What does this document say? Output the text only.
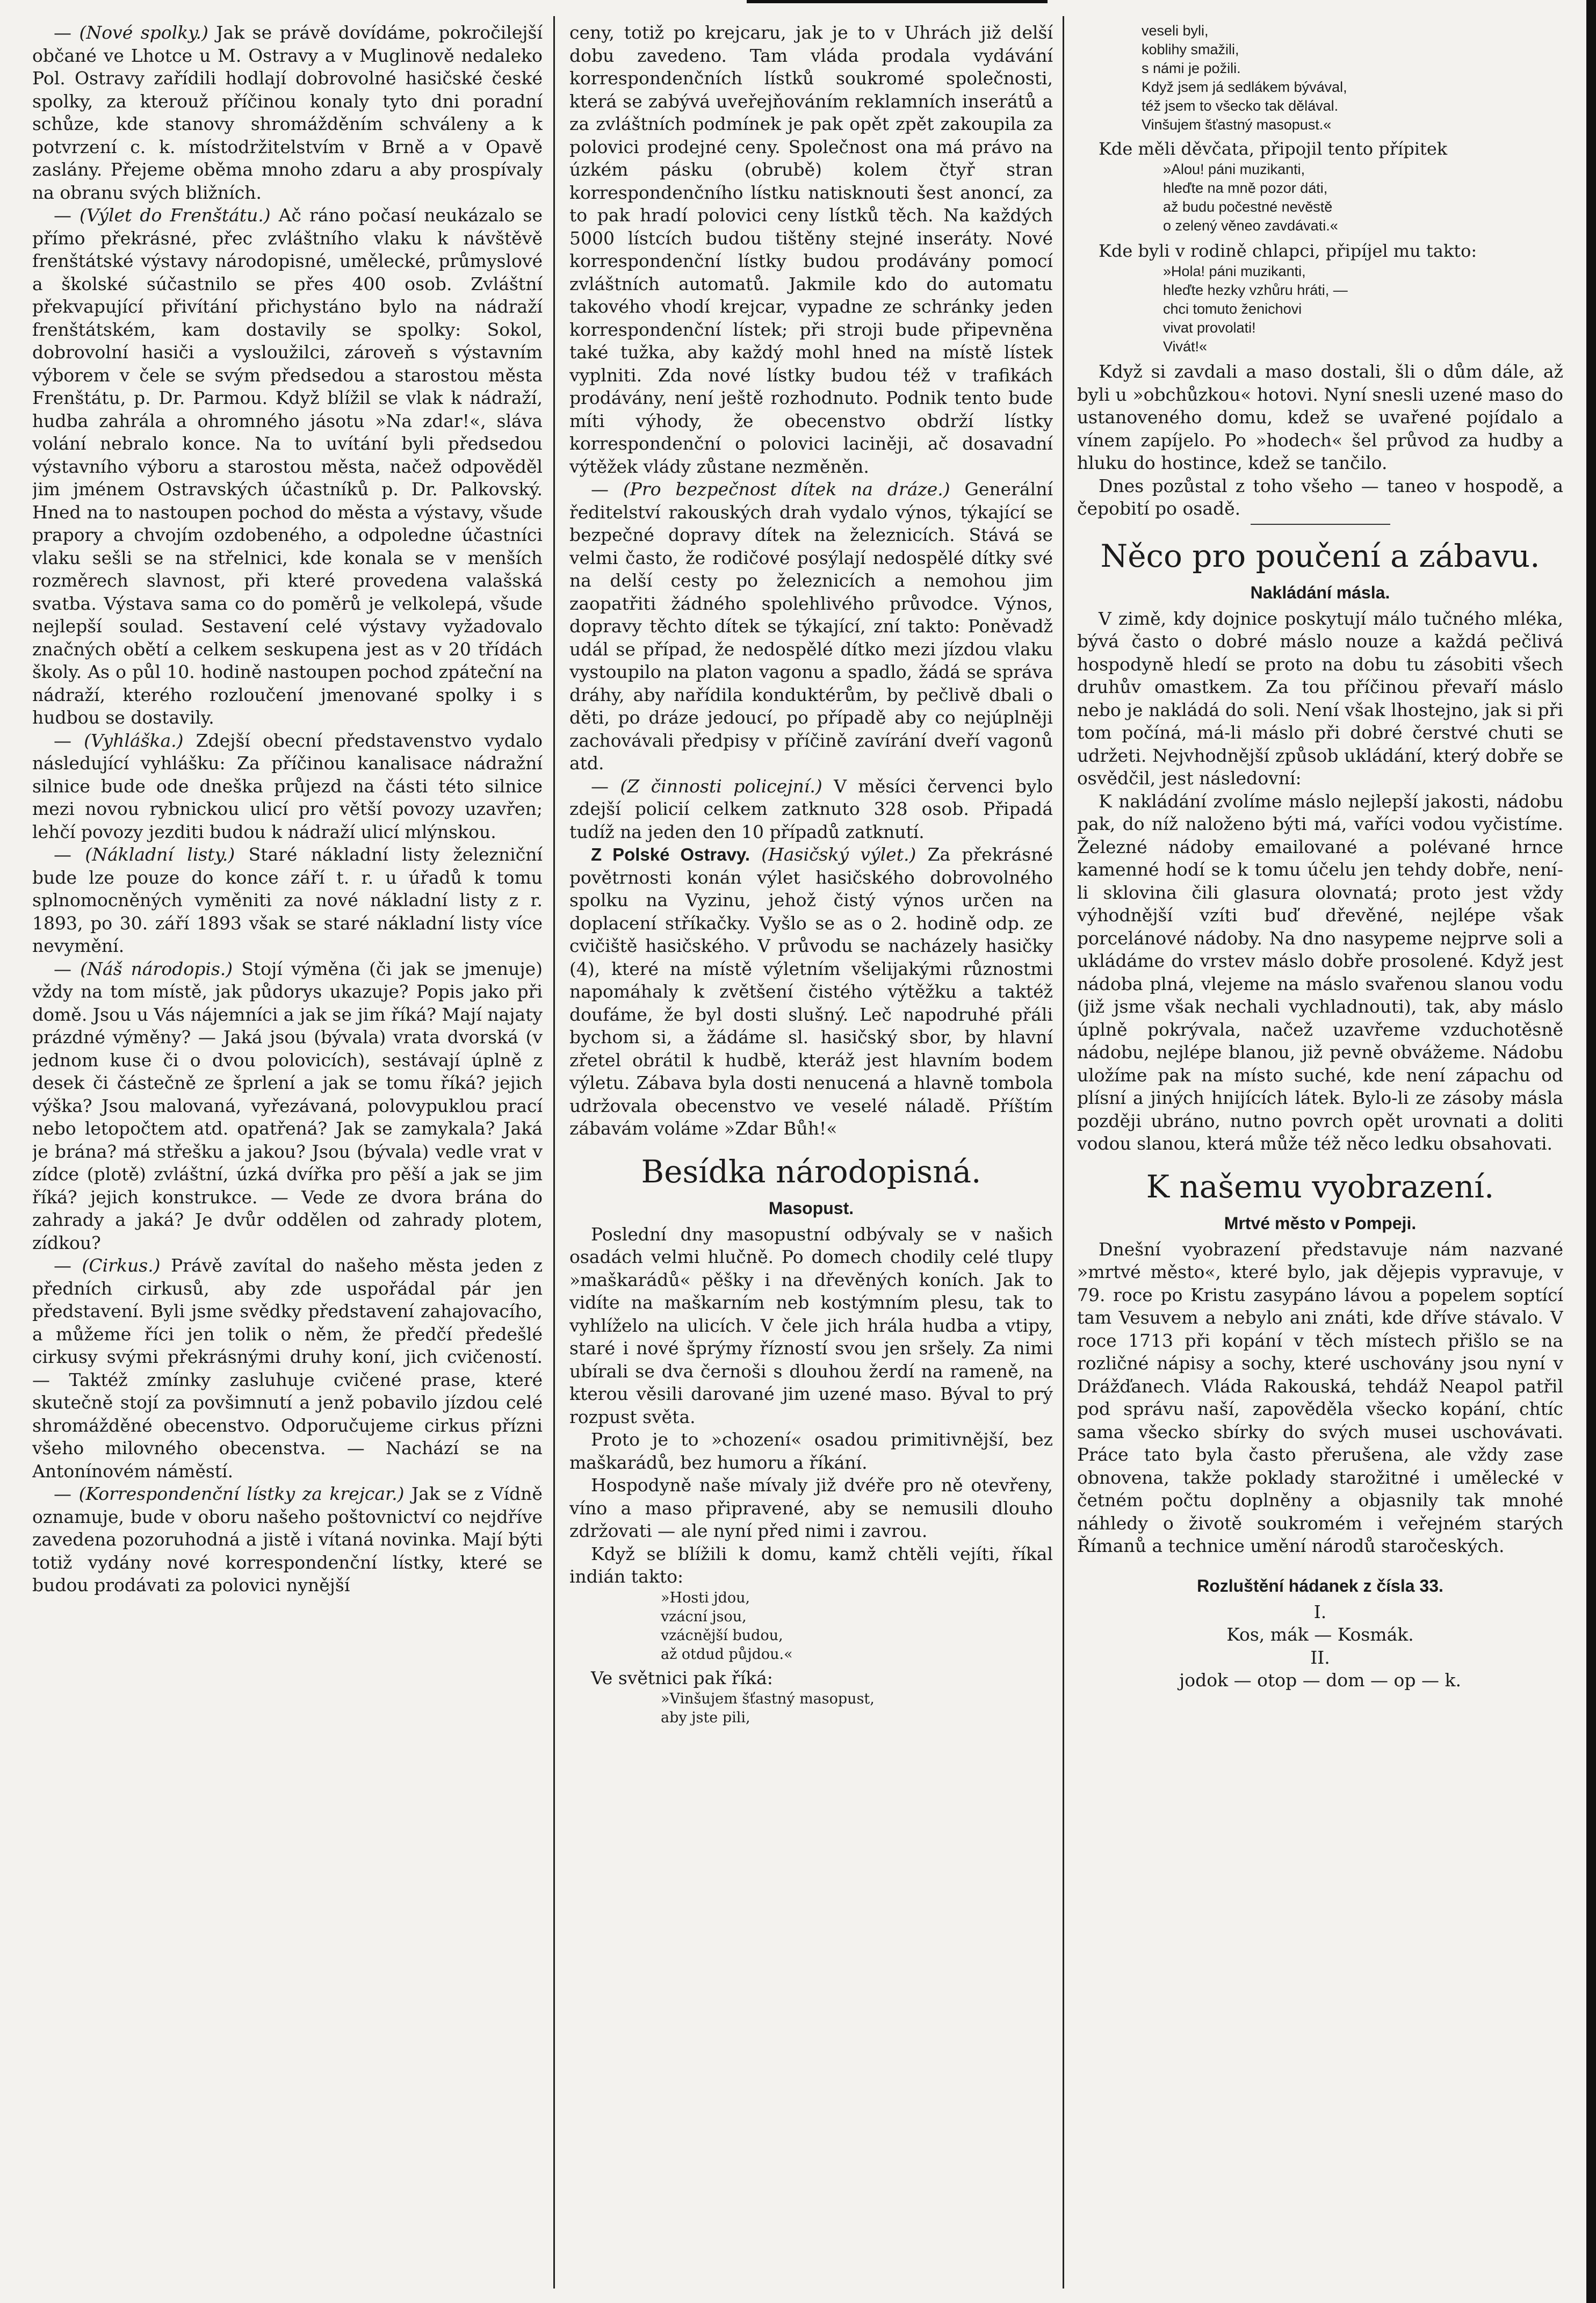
— (Nové spolky.) Jak se právě dovídáme, pokročilejší občané ve Lhotce u M. Ostravy a v Muglinově nedaleko Pol. Ostravy zařídili hodlají dobrovolné hasičské české spolky, za kterouž příčinou konaly tyto dni poradní schůze, kde stanovy shromážděním schváleny a k potvrzení c. k. místodržitelstvím v Brně a v Opavě zaslány. Přejeme oběma mnoho zdaru a aby prospívaly na obranu svých bližních.

— (Výlet do Frenštátu.) Ač ráno počasí neukázalo se přímo překrásné, přec zvláštního vlaku k návštěvě frenštátské výstavy národopisné, umělecké, průmyslové a školské súčastnilo se přes 400 osob. Zvláštní překvapující přivítání přichystáno bylo na nádraží frenštátském, kam dostavily se spolky: Sokol, dobrovolní hasiči a vysloužilci, zároveň s výstavním výborem v čele se svým předsedou a starostou města Frenštátu, p. Dr. Parmou. Když blížil se vlak k nádraží, hudba zahrála a ohromného jásotu »Na zdar!«, sláva volání nebralo konce. Na to uvítání byli předsedou výstavního výboru a starostou města, načež odpověděl jim jménem Ostravských účastníků p. Dr. Palkovský. Hned na to nastoupen pochod do města a výstavy, všude prapory a chvojím ozdobeného, a odpoledne účastníci vlaku sešli se na střelnici, kde konala se v menších rozměrech slavnost, při které provedena valašská svatba. Výstava sama co do poměrů je velkolepá, všude nejlepší soulad. Sestavení celé výstavy vyžadovalo značných obětí a celkem seskupena jest as v 20 třídách školy. As o půl 10. hodině nastoupen pochod zpáteční na nádraží, kterého rozloučení jmenované spolky i s hudbou se dostavily.

— (Vyhláška.) Zdejší obecní představenstvo vydalo následující vyhlášku: Za příčinou kanalisace nádražní silnice bude ode dneška průjezd na části této silnice mezi novou rybnickou ulicí pro větší povozy uzavřen; lehčí povozy jezditi budou k nádraží ulicí mlýnskou.

— (Nákladní listy.) Staré nákladní listy železniční bude lze pouze do konce září t. r. u úřadů k tomu splnomocněných vyměniti za nové nákladní listy z r. 1893, po 30. září 1893 však se staré nákladní listy více nevymění.

— (Náš národopis.) Stojí výměna (či jak se jmenuje) vždy na tom místě, jak půdorys ukazuje? Popis jako při domě. Jsou u Vás nájemníci a jak se jim říká? Mají najaty prázdné výměny? — Jaká jsou (bývala) vrata dvorská (v jednom kuse či o dvou polovicích), sestávají úplně z desek či částečně ze šprlení a jak se tomu říká? jejich výška? Jsou malovaná, vyřezávaná, polovypuklou prací nebo letopočtem atd. opatřená? Jak se zamykala? Jaká je brána? má střešku a jakou? Jsou (bývala) vedle vrat v zídce (plotě) zvláštní, úzká dvířka pro pěší a jak se jim říká? jejich konstrukce. — Vede ze dvora brána do zahrady a jaká? Je dvůr oddělen od zahrady plotem, zídkou?

— (Cirkus.) Právě zavítal do našeho města jeden z předních cirkusů, aby zde uspořádal pár jen představení. Byli jsme svědky představení zahajovacího, a můžeme říci jen tolik o něm, že předčí předešlé cirkusy svými překrásnými druhy koní, jich cvičeností. — Taktéž zmínky zasluhuje cvičené prase, které skutečně stojí za povšimnutí a jenž pobavilo jízdou celé shromážděné obecenstvo. Odporučujeme cirkus přízni všeho milovného obecenstva. — Nachází se na Antonínovém náměstí.

— (Korrespondenční lístky za krejcar.) Jak se z Vídně oznamuje, bude v oboru našeho poštovnictví co nejdříve zavedena pozoruhodná a jistě i vítaná novinka. Mají býti totiž vydány nové korrespondenční lístky, které se budou prodávati za polovici nynější

ceny, totiž po krejcaru, jak je to v Uhrách již delší dobu zavedeno. Tam vláda prodala vydávání korrespondenčních lístků soukromé společnosti, která se zabývá uveřejňováním reklamních inserátů a za zvláštních podmínek je pak opět zpět zakoupila za polovici prodejné ceny. Společnost ona má právo na úzkém pásku (obrubě) kolem čtyř stran korrespondenčního lístku natisknouti šest anoncí, za to pak hradí polovici ceny lístků těch. Na každých 5000 lístcích budou tištěny stejné inseráty. Nové korrespondenční lístky budou prodávány pomocí zvláštních automatů. Jakmile kdo do automatu takového vhodí krejcar, vypadne ze schránky jeden korrespondenční lístek; při stroji bude připevněna také tužka, aby každý mohl hned na místě lístek vyplniti. Zda nové lístky budou též v trafikách prodávány, není ještě rozhodnuto. Podnik tento bude míti výhody, že obecenstvo obdrží lístky korrespondenční o polovici laciněji, ač dosavadní výtěžek vlády zůstane nezměněn.

— (Pro bezpečnost dítek na dráze.) Generální ředitelství rakouských drah vydalo výnos, týkající se bezpečné dopravy dítek na železnicích. Stává se velmi často, že rodičové posýlají nedospělé dítky své na delší cesty po železnicích a nemohou jim zaopatřiti žádného spolehlivého průvodce. Výnos, dopravy těchto dítek se týkající, zní takto: Poněvadž udál se případ, že nedospělé dítko mezi jízdou vlaku vystoupilo na platon vagonu a spadlo, žádá se správa dráhy, aby nařídila konduktérům, by pečlivě dbali o děti, po dráze jedoucí, po případě aby co nejúplněji zachovávali předpisy v příčině zavírání dveří vagonů atd.

— (Z činnosti policejní.) V měsíci červenci bylo zdejší policií celkem zatknuto 328 osob. Připadá tudíž na jeden den 10 případů zatknutí.

Z Polské Ostravy. (Hasičský výlet.) Za překrásné povětrnosti konán výlet hasičského dobrovolného spolku na Vyzinu, jehož čistý výnos určen na doplacení stříkačky. Vyšlo se as o 2. hodině odp. ze cvičiště hasičského. V průvodu se nacházely hasičky (4), které na místě výletním všelijakými různostmi napomáhaly k zvětšení čistého výtěžku a taktéž doufáme, že byl dosti slušný. Leč napodruhé přáli bychom si, a žádáme sl. hasičský sbor, by hlavní zřetel obrátil k hudbě, kteráž jest hlavním bodem výletu. Zábava byla dosti nenucená a hlavně tombola udržovala obecenstvo ve veselé náladě. Příštím zábavám voláme »Zdar Bůh!«

Besídka národopisná.
Masopust.

Poslední dny masopustní odbývaly se v našich osadách velmi hlučně. Po domech chodily celé tlupy »maškarádů« pěšky i na dřevěných koních. Jak to vidíte na maškarním neb kostýmním plesu, tak to vyhlíželo na ulicích. V čele jich hrála hudba a vtipy, staré i nové šprýmy řízností svou jen sršely. Za nimi ubírali se dva černoši s dlouhou žerdí na rameně, na kterou věsili darované jim uzené maso. Býval to prý rozpust světa.

Proto je to »chození« osadou primitivnější, bez maškarádů, bez humoru a říkání.

Hospodyně naše mívaly již dvéře pro ně otevřeny, víno a maso připravené, aby se nemusili dlouho zdržovati — ale nyní před nimi i zavrou.

Když se blížili k domu, kamž chtěli vejíti, říkal indián takto:

»Hosti jdou,
vzácní jsou,
vzácnější budou,
až otdud půjdou.«

Ve světnici pak říká:

»Vinšujem šťastný masopust,
aby jste pili,
veseli byli,
koblihy smažili,
s námi je požili.
Když jsem já sedlákem bývával,
též jsem to všecko tak dělával.
Vinšujem šťastný masopust.«

Kde měli děvčata, připojil tento přípitek

»Alou! páni muzikanti,
hleďte na mně pozor dáti,
až budu počestné nevěstě
o zelený věneo zavdávati.«

Kde byli v rodině chlapci, připíjel mu takto:

»Hola! páni muzikanti,
hleďte hezky vzhůru hráti, —
chci tomuto ženichovi
vivat provolati!
Vivát!«

Když si zavdali a maso dostali, šli o dům dále, až byli u »obchůzkou« hotovi. Nyní snesli uzené maso do ustanoveného domu, kdež se uvařené pojídalo a vínem zapíjelo. Po »hodech« šel průvod za hudby a hluku do hostince, kdež se tančilo.

Dnes pozůstal z toho všeho — taneo v hospodě, a čepobití po osadě.

Něco pro poučení a zábavu.
Nakládání másla.

V zimě, kdy dojnice poskytují málo tučného mléka, bývá často o dobré máslo nouze a každá pečlivá hospodyně hledí se proto na dobu tu zásobiti všech druhův omastkem. Za tou příčinou převaří máslo nebo je nakládá do soli. Není však lhostejno, jak si při tom počíná, má-li máslo při dobré čerstvé chuti se udržeti. Nejvhodnější způsob ukládání, který dobře se osvědčil, jest následovní:

K nakládání zvolíme máslo nejlepší jakosti, nádobu pak, do níž naloženo býti má, vaříci vodou vyčistíme. Železné nádoby emailované a polévané hrnce kamenné hodí se k tomu účelu jen tehdy dobře, není-li sklovina čili glasura olovnatá; proto jest vždy výhodnější vzíti buď dřevěné, nejlépe však porcelánové nádoby. Na dno nasypeme nejprve soli a ukládáme do vrstev máslo dobře prosolené. Když jest nádoba plná, vlejeme na máslo svařenou slanou vodu (již jsme však nechali vychladnouti), tak, aby máslo úplně pokrývala, načež uzavřeme vzduchotěsně nádobu, nejlépe blanou, již pevně obvážeme. Nádobu uložíme pak na místo suché, kde není zápachu od plísní a jiných hnijících látek. Bylo-li ze zásoby másla později ubráno, nutno povrch opět urovnati a doliti vodou slanou, která může též něco ledku obsahovati.

K našemu vyobrazení.
Mrtvé město v Pompeji.

Dnešní vyobrazení představuje nám nazvané »mrtvé město«, které bylo, jak dějepis vypravuje, v 79. roce po Kristu zasypáno lávou a popelem soptící tam Vesuvem a nebylo ani znáti, kde dříve stávalo. V roce 1713 při kopání v těch místech přišlo se na rozličné nápisy a sochy, které uschovány jsou nyní v Drážďanech. Vláda Rakouská, tehdáž Neapol patřil pod správu naší, zapověděla všecko kopání, chtíc sama všecko sbírky do svých musei uschovávati. Práce tato byla často přerušena, ale vždy zase obnovena, takže poklady starožitné i umělecké v četném počtu doplněny a objasnily tak mnohé náhledy o životě soukromém i veřejném starých Římanů a technice umění národů staročeských.

Rozluštění hádanek z čísla 33.

I.

Kos, mák — Kosmák.

II.

jodok — otop — dom — op — k.
